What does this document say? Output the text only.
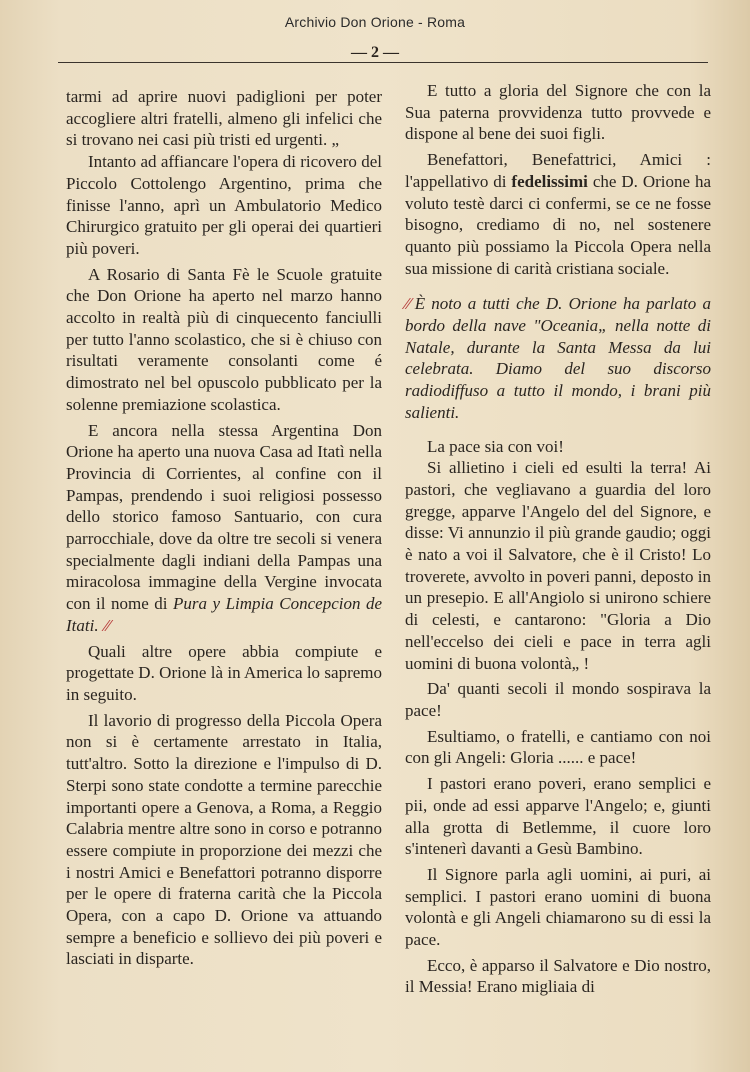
Archivio Don Orione - Roma
— 2 —

tarmi ad aprire nuovi padiglioni per poter accogliere altri fratelli, almeno gli infelici che si trovano nei casi più tristi ed urgenti. „

Intanto ad affiancare l'opera di ricovero del Piccolo Cottolengo Argentino, prima che finisse l'anno, aprì un Ambulatorio Medico Chirurgico gratuito per gli operai dei quartieri più poveri.

A Rosario di Santa Fè le Scuole gratuite che Don Orione ha aperto nel marzo hanno accolto in realtà più di cinquecento fanciulli per tutto l'anno scolastico, che si è chiuso con risultati veramente consolanti come é dimostrato nel bel opuscolo pubblicato per la solenne premiazione scolastica.

E ancora nella stessa Argentina Don Orione ha aperto una nuova Casa ad Itatì nella Provincia di Corrientes, al confine con il Pampas, prendendo i suoi religiosi possesso dello storico famoso Santuario, con cura parrocchiale, dove da oltre tre secoli si venera specialmente dagli indiani della Pampas una miracolosa immagine della Vergine invocata con il nome di Pura y Limpia Concepcion de Itati. ⁄⁄

Quali altre opere abbia compiute e progettate D. Orione là in America lo sapremo in seguito.

Il lavorio di progresso della Piccola Opera non si è certamente arrestato in Italia, tutt'altro. Sotto la direzione e l'impulso di D. Sterpi sono state condotte a termine parecchie importanti opere a Genova, a Roma, a Reggio Calabria mentre altre sono in corso e potranno essere compiute in proporzione dei mezzi che i nostri Amici e Benefattori potranno disporre per le opere di fraterna carità che la Piccola Opera, con a capo D. Orione va attuando sempre a beneficio e sollievo dei più poveri e lasciati in disparte.

E tutto a gloria del Signore che con la Sua paterna provvidenza tutto provvede e dispone al bene dei suoi figli.

Benefattori, Benefattrici, Amici : l'appellativo di fedelissimi che D. Orione ha voluto testè darci ci confermi, se ce ne fosse bisogno, crediamo di no, nel sostenere quanto più possiamo la Piccola Opera nella sua missione di carità cristiana sociale.

⁄⁄ È noto a tutti che D. Orione ha parlato a bordo della nave "Oceania„ nella notte di Natale, durante la Santa Messa da lui celebrata. Diamo del suo discorso radiodiffuso a tutto il mondo, i brani più salienti.

La pace sia con voi!

Si allietino i cieli ed esulti la terra! Ai pastori, che vegliavano a guardia del loro gregge, apparve l'Angelo del del Signore, e disse: Vi annunzio il più grande gaudio; oggi è nato a voi il Salvatore, che è il Cristo! Lo troverete, avvolto in poveri panni, deposto in un presepio. E all'Angiolo si unirono schiere di celesti, e cantarono: "Gloria a Dio nell'eccelso dei cieli e pace in terra agli uomini di buona volontà„ !

Da' quanti secoli il mondo sospirava la pace!

Esultiamo, o fratelli, e cantiamo con noi con gli Angeli: Gloria ...... e pace!

I pastori erano poveri, erano semplici e pii, onde ad essi apparve l'Angelo; e, giunti alla grotta di Betlemme, il cuore loro s'intenerì davanti a Gesù Bambino.

Il Signore parla agli uomini, ai puri, ai semplici. I pastori erano uomini di buona volontà e gli Angeli chiamarono su di essi la pace.

Ecco, è apparso il Salvatore e Dio nostro, il Messia! Erano migliaia di
